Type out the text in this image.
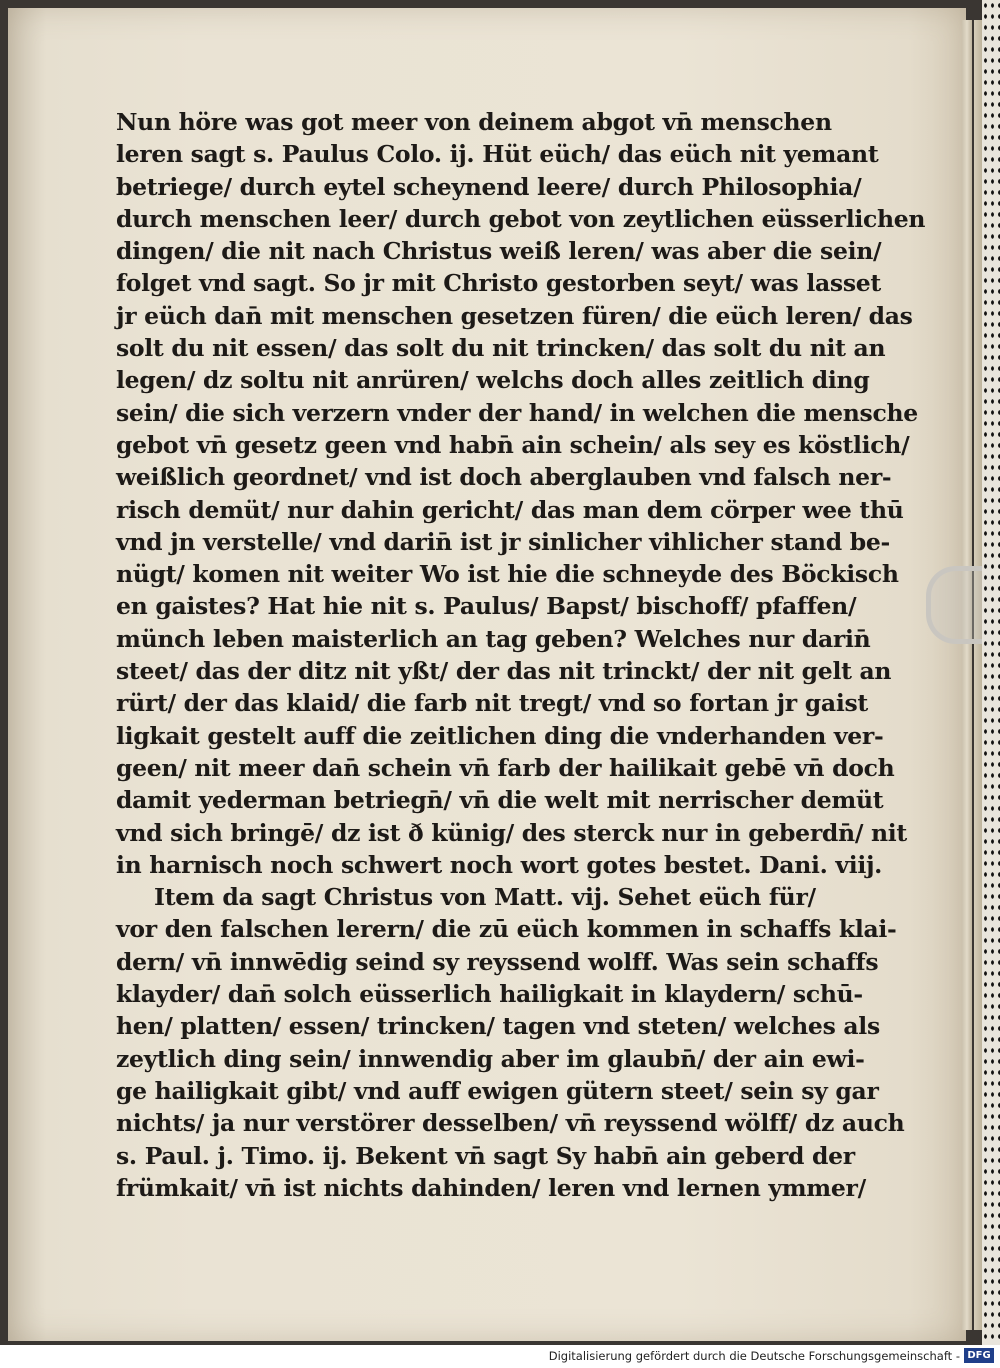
Nun höre was got meer von deinem abgot vn̄ menschen
leren sagt s. Paulus Colo. ij. Hüt eüch/ das eüch nit yemant
betriege/ durch eytel scheynend leere/ durch Philosophia/
durch menschen leer/ durch gebot von zeytlichen eüsserlichen
dingen/ die nit nach Christus weiß leren/ was aber die sein/
folget vnd sagt. So jr mit Christo gestorben seyt/ was lasset
jr eüch dan̄ mit menschen gesetzen füren/ die eüch leren/ das
solt du nit essen/ das solt du nit trincken/ das solt du nit an
legen/ dz soltu nit anrüren/ welchs doch alles zeitlich ding
sein/ die sich verzern vnder der hand/ in welchen die mensche
gebot vn̄ gesetz geen vnd habn̄ ain schein/ als sey es köstlich/
weißlich geordnet/ vnd ist doch aberglauben vnd falsch ner-
risch demüt/ nur dahin gericht/ das man dem cörper wee thū
vnd jn verstelle/ vnd darin̄ ist jr sinlicher vihlicher stand be-
nügt/ komen nit weiter Wo ist hie die schneyde des Böckisch
en gaistes? Hat hie nit s. Paulus/ Bapst/ bischoff/ pfaffen/
münch leben maisterlich an tag geben? Welches nur darin̄
steet/ das der ditz nit yßt/ der das nit trinckt/ der nit gelt an
rürt/ der das klaid/ die farb nit tregt/ vnd so fortan jr gaist
ligkait gestelt auff die zeitlichen ding die vnderhanden ver-
geen/ nit meer dan̄ schein vn̄ farb der hailikait gebē vn̄ doch
damit yederman betriegn̄/ vn̄ die welt mit nerrischer demüt
vnd sich bringē/ dz ist ð künig/ des sterck nur in geberdn̄/ nit
in harnisch noch schwert noch wort gotes bestet. Dani. viij.
Item da sagt Christus von Matt. vij. Sehet eüch für/
vor den falschen lerern/ die zū eüch kommen in schaffs klai-
dern/ vn̄ innwēdig seind sy reyssend wolff. Was sein schaffs
klayder/ dan̄ solch eüsserlich hailigkait in klaydern/ schū-
hen/ platten/ essen/ trincken/ tagen vnd steten/ welches als
zeytlich ding sein/ innwendig aber im glaubn̄/ der ain ewi-
ge hailigkait gibt/ vnd auff ewigen gütern steet/ sein sy gar
nichts/ ja nur verstörer desselben/ vn̄ reyssend wölff/ dz auch
s. Paul. j. Timo. ij. Bekent vn̄ sagt Sy habn̄ ain geberd der
frümkait/ vn̄ ist nichts dahinden/ leren vnd lernen ymmer/
Digitalisierung gefördert durch die Deutsche Forschungsgemeinschaft - DFG
